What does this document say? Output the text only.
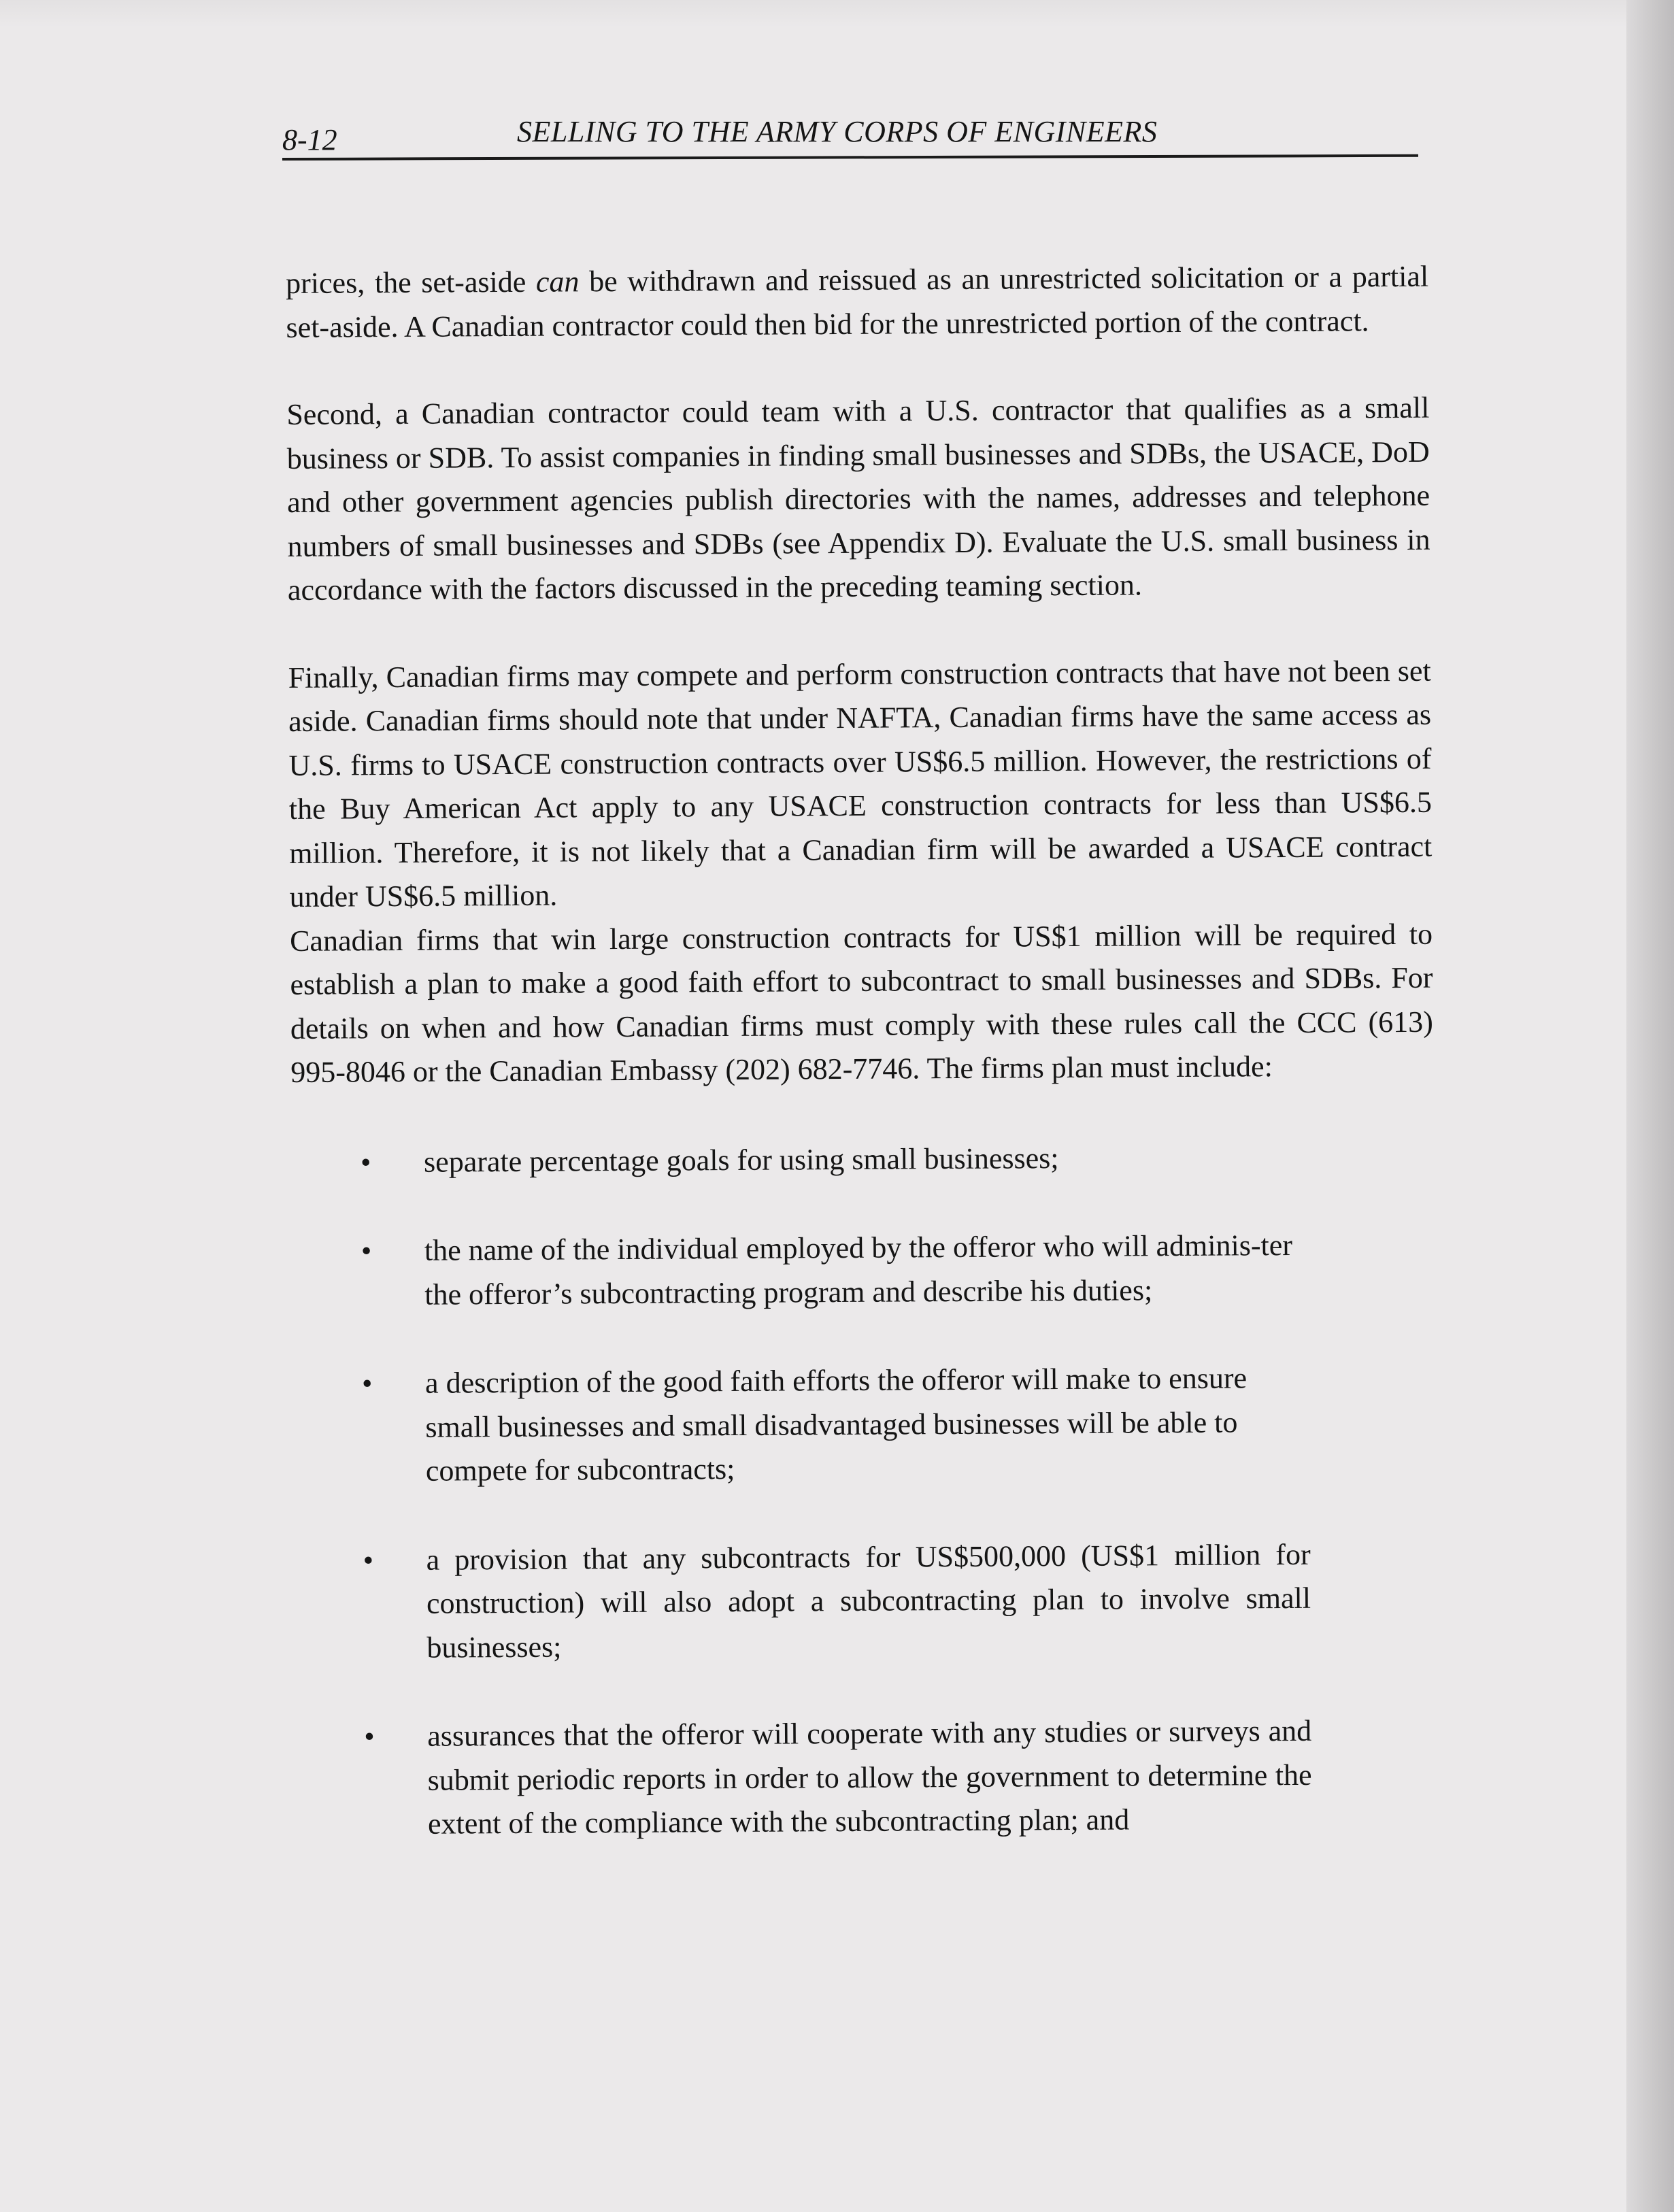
8-12	SELLING TO THE ARMY CORPS OF ENGINEERS

prices, the set-aside can be withdrawn and reissued as an unrestricted solicitation or a partial set-aside. A Canadian contractor could then bid for the unrestricted portion of the contract.

Second, a Canadian contractor could team with a U.S. contractor that qualifies as a small business or SDB. To assist companies in finding small businesses and SDBs, the USACE, DoD and other government agencies publish directories with the names, addresses and telephone numbers of small businesses and SDBs (see Appendix D). Evaluate the U.S. small business in accordance with the factors discussed in the preceding teaming section.

Finally, Canadian firms may compete and perform construction contracts that have not been set aside. Canadian firms should note that under NAFTA, Canadian firms have the same access as U.S. firms to USACE construction contracts over US$6.5 million. However, the restrictions of the Buy American Act apply to any USACE construction contracts for less than US$6.5 million. Therefore, it is not likely that a Canadian firm will be awarded a USACE contract under US$6.5 million.

Canadian firms that win large construction contracts for US$1 million will be required to establish a plan to make a good faith effort to subcontract to small businesses and SDBs. For details on when and how Canadian firms must comply with these rules call the CCC (613) 995-8046 or the Canadian Embassy (202) 682-7746. The firms plan must include:

• separate percentage goals for using small businesses;
• the name of the individual employed by the offeror who will adminis-ter the offeror’s subcontracting program and describe his duties;
• a description of the good faith efforts the offeror will make to ensure small businesses and small disadvantaged businesses will be able to compete for subcontracts;
• a provision that any subcontracts for US$500,000 (US$1 million for construction) will also adopt a subcontracting plan to involve small businesses;
• assurances that the offeror will cooperate with any studies or surveys and submit periodic reports in order to allow the government to determine the extent of the compliance with the subcontracting plan; and
